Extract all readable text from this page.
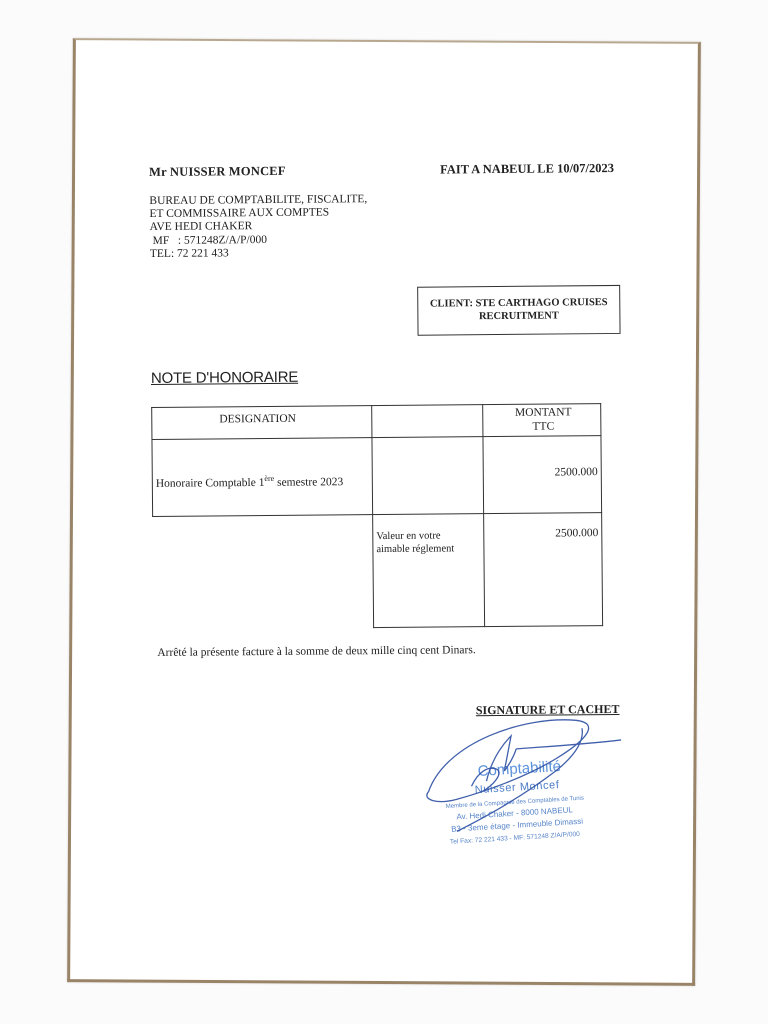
Mr NUISSER MONCEF	FAIT A NABEUL LE 10/07/2023
BUREAU DE COMPTABILITE, FISCALITE,
ET COMMISSAIRE AUX COMPTES
AVE HEDI CHAKER
MF   : 571248Z/A/P/000
TEL: 72 221 433
CLIENT: STE CARTHAGO CRUISES
RECRUITMENT
NOTE D'HONORAIRE
DESIGNATION
MONTANT
TTC
Honoraire Comptable 1ère semestre 2023
2500.000
Valeur en votre
aimable réglement
2500.000
Arrêté la présente facture à la somme de deux mille cinq cent Dinars.
SIGNATURE ET CACHET
Comptabilité
Nuisser Moncef
Membre de la Compagnie des Comptables de Tunis
Av. Hedi Chaker - 8000 NABEUL
B3 - 3eme étage - Immeuble Dimassi
Tel Fax: 72 221 433 - MF: 571248 Z/A/P/000
